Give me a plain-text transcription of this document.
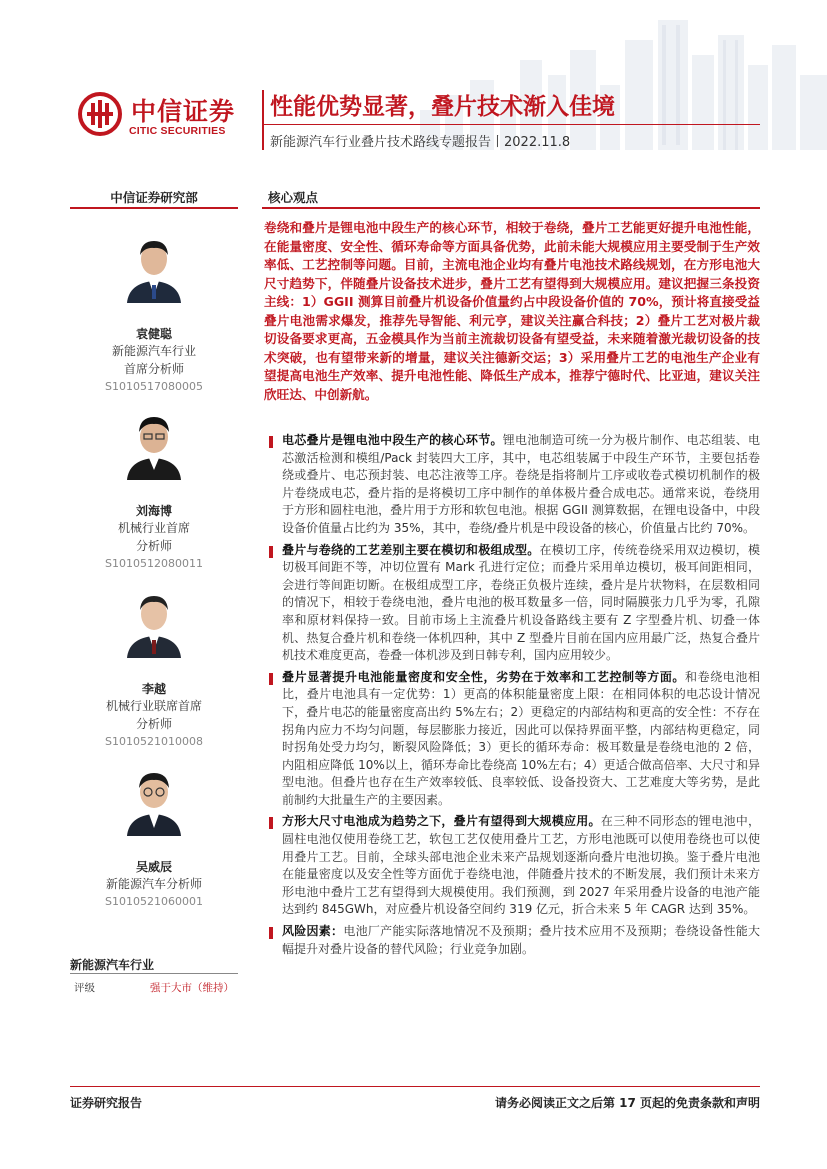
中信证券
CITIC SECURITIES
性能优势显著，叠片技术渐入佳境
新能源汽车行业叠片技术路线专题报告丨2022.11.8
中信证券研究部
袁健聪
新能源汽车行业
首席分析师
S1010517080005
刘海博
机械行业首席
分析师
S1010512080011
李越
机械行业联席首席
分析师
S1010521010008
吴威辰
新能源汽车分析师
S1010521060001
新能源汽车行业
评级	强于大市（维持）
核心观点
卷绕和叠片是锂电池中段生产的核心环节，相较于卷绕，叠片工艺能更好提升电池性能，在能量密度、安全性、循环寿命等方面具备优势，此前未能大规模应用主要受制于生产效率低、工艺控制等问题。目前，主流电池企业均有叠片电池技术路线规划，在方形电池大尺寸趋势下，伴随叠片设备技术进步，叠片工艺有望得到大规模应用。建议把握三条投资主线：1）GGII 测算目前叠片机设备价值量约占中段设备价值的 70%，预计将直接受益叠片电池需求爆发，推荐先导智能、利元亨，建议关注赢合科技；2）叠片工艺对极片裁切设备要求更高，五金模具作为当前主流裁切设备有望受益，未来随着激光裁切设备的技术突破，也有望带来新的增量，建议关注德新交运；3）采用叠片工艺的电池生产企业有望提高电池生产效率、提升电池性能、降低生产成本，推荐宁德时代、比亚迪，建议关注欣旺达、中创新航。
电芯叠片是锂电池中段生产的核心环节。锂电池制造可统一分为极片制作、电芯组装、电芯激活检测和模组/Pack 封装四大工序，其中，电芯组装属于中段生产环节，主要包括卷绕或叠片、电芯预封装、电芯注液等工序。卷绕是指将制片工序或收卷式模切机制作的极片卷绕成电芯，叠片指的是将模切工序中制作的单体极片叠合成电芯。通常来说，卷绕用于方形和圆柱电池，叠片用于方形和软包电池。根据 GGII 测算数据，在锂电设备中，中段设备价值量占比约为 35%，其中，卷绕/叠片机是中段设备的核心，价值量占比约 70%。
叠片与卷绕的工艺差别主要在模切和极组成型。在模切工序，传统卷绕采用双边模切，模切极耳间距不等，冲切位置有 Mark 孔进行定位；而叠片采用单边模切，极耳间距相同，会进行等间距切断。在极组成型工序，卷绕正负极片连续，叠片是片状物料，在层数相同的情况下，相较于卷绕电池，叠片电池的极耳数量多一倍，同时隔膜张力几乎为零，孔隙率和原材料保持一致。目前市场上主流叠片机设备路线主要有 Z 字型叠片机、切叠一体机、热复合叠片机和卷绕一体机四种，其中 Z 型叠片目前在国内应用最广泛，热复合叠片机技术难度更高，卷叠一体机涉及到日韩专利，国内应用较少。
叠片显著提升电池能量密度和安全性，劣势在于效率和工艺控制等方面。和卷绕电池相比，叠片电池具有一定优势：1）更高的体积能量密度上限：在相同体积的电芯设计情况下，叠片电芯的能量密度高出约 5%左右；2）更稳定的内部结构和更高的安全性：不存在拐角内应力不均匀问题，每层膨胀力接近，因此可以保持界面平整，内部结构更稳定，同时拐角处受力均匀，断裂风险降低；3）更长的循环寿命：极耳数量是卷绕电池的 2 倍，内阻相应降低 10%以上，循环寿命比卷绕高 10%左右；4）更适合做高倍率、大尺寸和异型电池。但叠片也存在生产效率较低、良率较低、设备投资大、工艺难度大等劣势，是此前制约大批量生产的主要因素。
方形大尺寸电池成为趋势之下，叠片有望得到大规模应用。在三种不同形态的锂电池中，圆柱电池仅使用卷绕工艺，软包工艺仅使用叠片工艺，方形电池既可以使用卷绕也可以使用叠片工艺。目前，全球头部电池企业未来产品规划逐渐向叠片电池切换。鉴于叠片电池在能量密度以及安全性等方面优于卷绕电池，伴随叠片技术的不断发展，我们预计未来方形电池中叠片工艺有望得到大规模使用。我们预测，到 2027 年采用叠片设备的电池产能达到约 845GWh，对应叠片机设备空间约 319 亿元，折合未来 5 年 CAGR 达到 35%。
风险因素：电池厂产能实际落地情况不及预期；叠片技术应用不及预期；卷绕设备性能大幅提升对叠片设备的替代风险；行业竞争加剧。
证券研究报告	请务必阅读正文之后第 17 页起的免责条款和声明
